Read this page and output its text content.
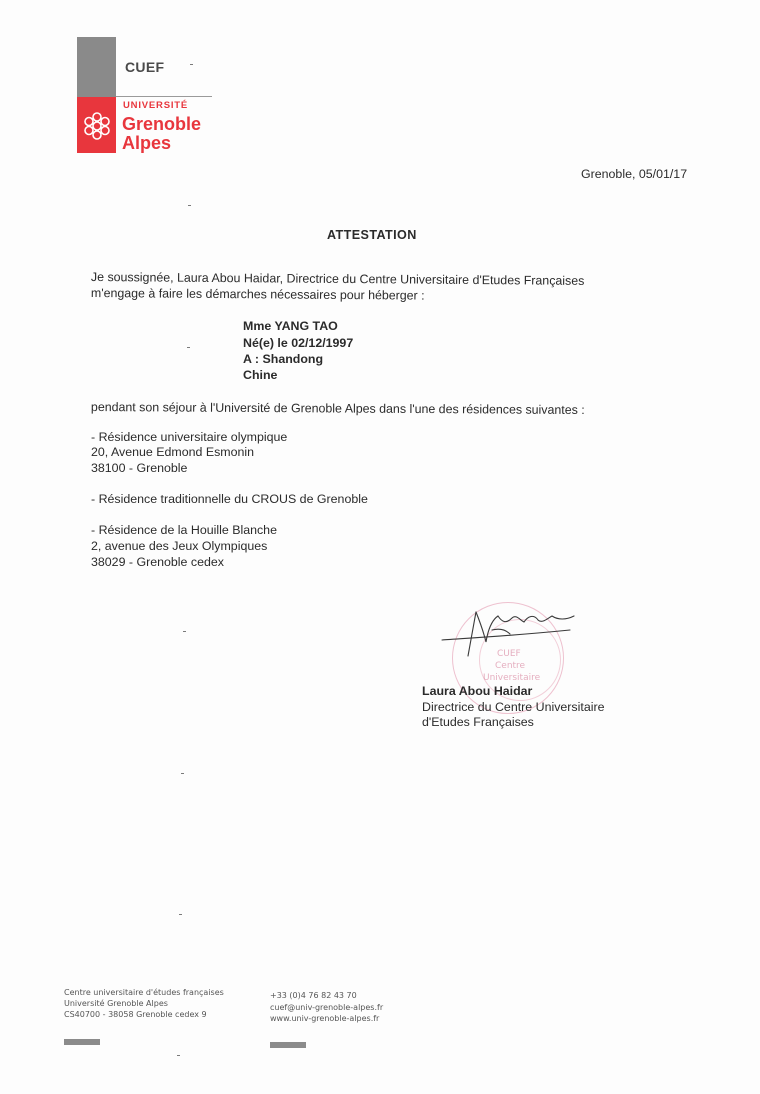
CUEF
UNIVERSITÉ
Grenoble
Alpes
Grenoble, 05/01/17
ATTESTATION
Je soussignée, Laura Abou Haidar, Directrice du Centre Universitaire d'Etudes Françaises
m'engage à faire les démarches nécessaires pour héberger :
Mme YANG TAO
Né(e) le 02/12/1997
A : Shandong
Chine
pendant son séjour à l'Université de Grenoble Alpes dans l'une des résidences suivantes :
- Résidence universitaire olympique
20, Avenue Edmond Esmonin
38100 - Grenoble
- Résidence traditionnelle du CROUS de Grenoble
- Résidence de la Houille Blanche
2, avenue des Jeux Olympiques
38029 - Grenoble cedex
CUEF
Centre
Universitaire
Laura Abou Haidar
Directrice du Centre Universitaire
d'Etudes Françaises
Centre universitaire d'études françaises
Université Grenoble Alpes
CS40700 - 38058 Grenoble cedex 9
+33 (0)4 76 82 43 70
cuef@univ-grenoble-alpes.fr
www.univ-grenoble-alpes.fr
